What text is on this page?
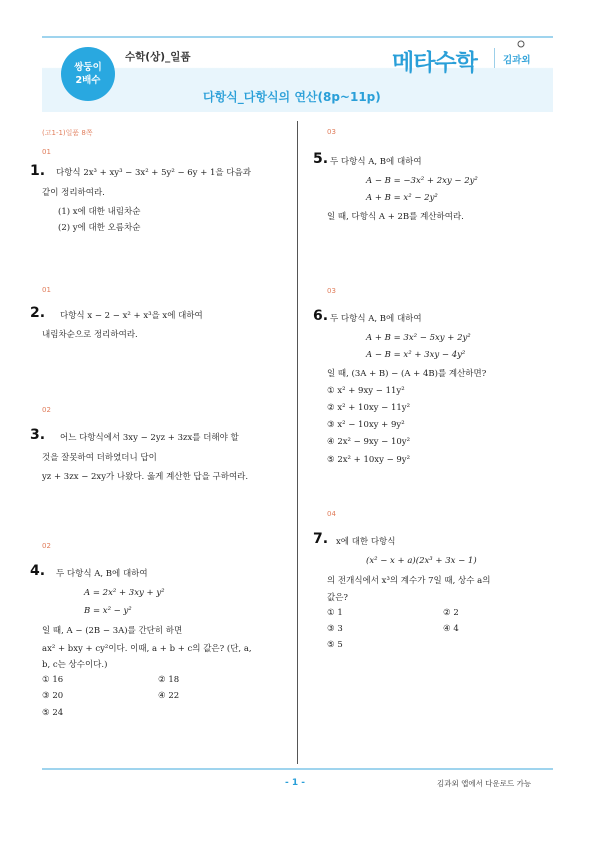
쌍둥이
2배수
수학(상)_일품	메타수학	김과외
다항식_다항식의 연산(8p~11p)
(고1-1)일품 8쪽
01
1. 다항식 2x³ + xy³ − 3x² + 5y² − 6y + 1을 다음과
같이 정리하여라.
(1) x에 대한 내림차순
(2) y에 대한 오름차순
01
2. 다항식 x − 2 − x² + x³을 x에 대하여
내림차순으로 정리하여라.
02
3. 어느 다항식에서 3xy − 2yz + 3zx를 더해야 할
것을 잘못하여 더하였더니 답이
yz + 3zx − 2xy가 나왔다. 옳게 계산한 답을 구하여라.
02
4. 두 다항식 A, B에 대하여
A = 2x² + 3xy + y²
B = x² − y²
일 때, A − (2B − 3A)를 간단히 하면
ax² + bxy + cy²이다. 이때, a + b + c의 값은? (단, a,
b, c는 상수이다.)
① 16	② 18
③ 20	④ 22
⑤ 24
03
5. 두 다항식 A, B에 대하여
A − B = −3x² + 2xy − 2y²
A + B = x² − 2y²
일 때, 다항식 A + 2B를 계산하여라.
03
6. 두 다항식 A, B에 대하여
A + B = 3x² − 5xy + 2y²
A − B = x² + 3xy − 4y²
일 때, (3A + B) − (A + 4B)를 계산하면?
① x² + 9xy − 11y²
② x² + 10xy − 11y²
③ x² − 10xy + 9y²
④ 2x² − 9xy − 10y²
⑤ 2x² + 10xy − 9y²
04
7. x에 대한 다항식
(x² − x + a)(2x³ + 3x − 1)
의 전개식에서 x³의 계수가 7일 때, 상수 a의
값은?
① 1	② 2
③ 3	④ 4
⑤ 5
- 1 -	김과외 앱에서 다운로드 가능
